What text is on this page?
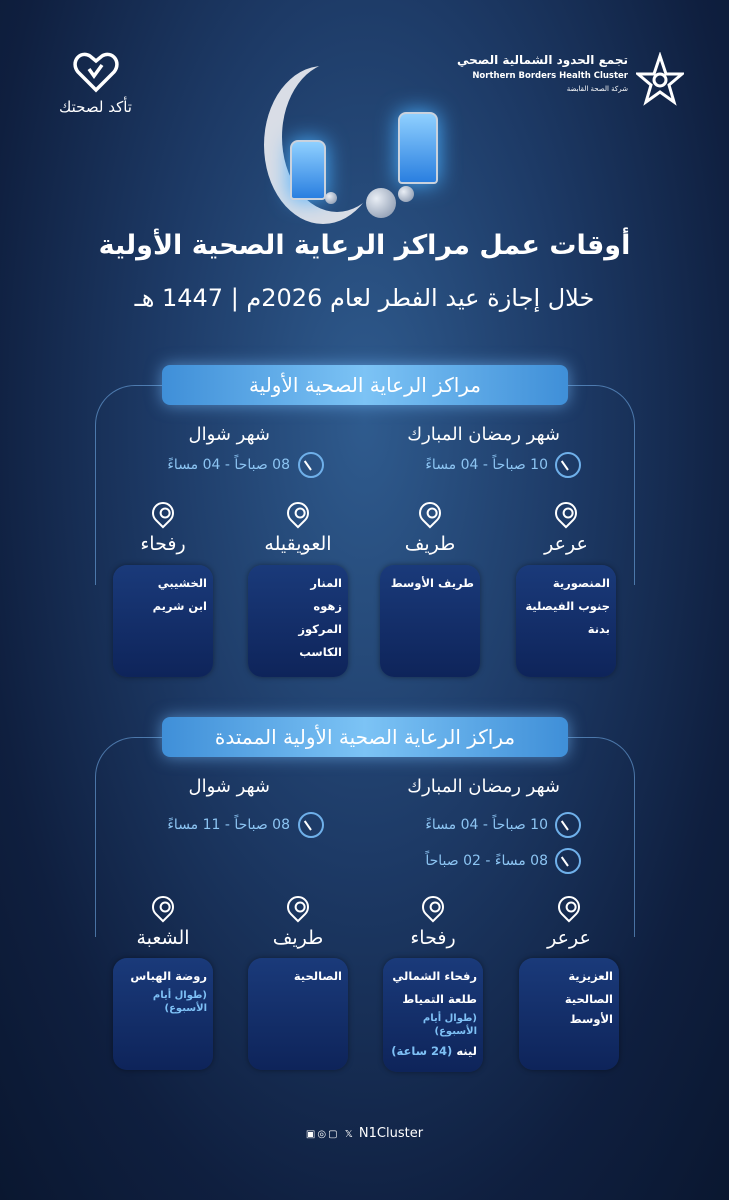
تأكد لصحتك
تجمع الحدود الشمالية الصحي
Northern Borders Health Cluster
شركة الصحة القابضة
أوقات عمل مراكز الرعاية الصحية الأولية
خلال إجازة عيد الفطر لعام 2026م | 1447 هـ
مراكز الرعاية الصحية الأولية
شهر رمضان المبارك
10 صباحاً - 04 مساءً
شهر شوال
08 صباحاً - 04 مساءً
عرعر
المنصورية
جنوب الفيصلية
بدنة
طريف
طريف الأوسط
العويقيله
المنار
زهوه
المركوز
الكاسب
رفحاء
الخشيبي
ابن شريم
مراكز الرعاية الصحية الأولية الممتدة
شهر رمضان المبارك
10 صباحاً - 04 مساءً
08 مساءً - 02 صباحاً
شهر شوال
08 صباحاً - 11 مساءً
عرعر
العزيزية
الصالحية الأوسط
رفحاء
رفحاء الشمالي
طلعة التمياط
(طوال أيام الأسبوع)
لينه (24 ساعة)
طريف
الصالحية
الشعبة
روضة الهباس
(طوال أيام الأسبوع)
▣◎▢ 𝕏 N1Cluster
